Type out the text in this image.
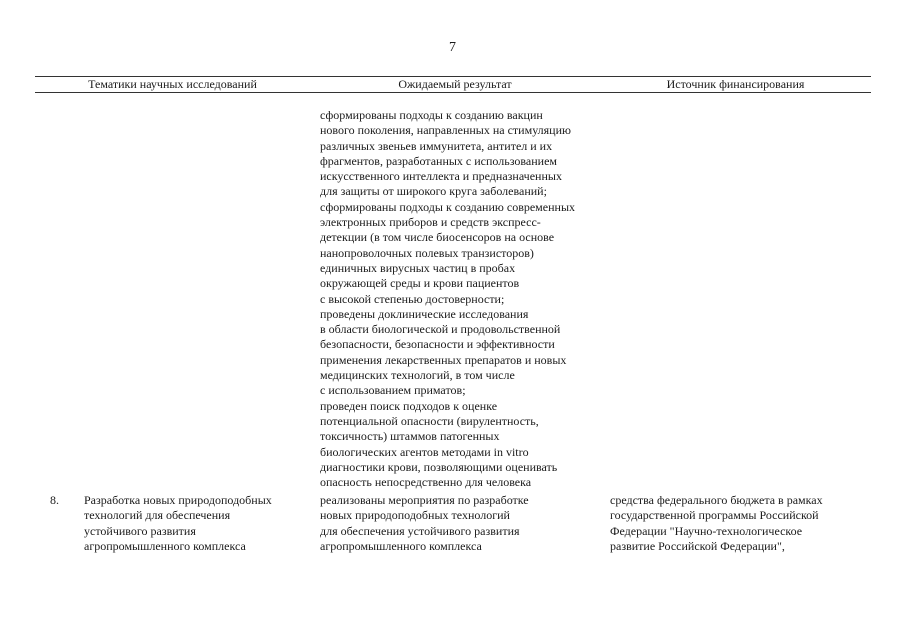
7
Тематики научных исследований	Ожидаемый результат	Источник финансирования
сформированы подходы к созданию вакцин
нового поколения, направленных на стимуляцию
различных звеньев иммунитета, антител и их
фрагментов, разработанных с использованием
искусственного интеллекта и предназначенных
для защиты от широкого круга заболеваний;
сформированы подходы к созданию современных
электронных приборов и средств экспресс-
детекции (в том числе биосенсоров на основе
нанопроволочных полевых транзисторов)
единичных вирусных частиц в пробах
окружающей среды и крови пациентов
с высокой степенью достоверности;
проведены доклинические исследования
в области биологической и продовольственной
безопасности, безопасности и эффективности
применения лекарственных препаратов и новых
медицинских технологий, в том числе
с использованием приматов;
проведен поиск подходов к оценке
потенциальной опасности (вирулентность,
токсичность) штаммов патогенных
биологических агентов методами in vitro
диагностики крови, позволяющими оценивать
опасность непосредственно для человека
8. Разработка новых природоподобных
технологий для обеспечения
устойчивого развития
агропромышленного комплекса
реализованы мероприятия по разработке
новых природоподобных технологий
для обеспечения устойчивого развития
агропромышленного комплекса
средства федерального бюджета в рамках
государственной программы Российской
Федерации "Научно-технологическое
развитие Российской Федерации",
